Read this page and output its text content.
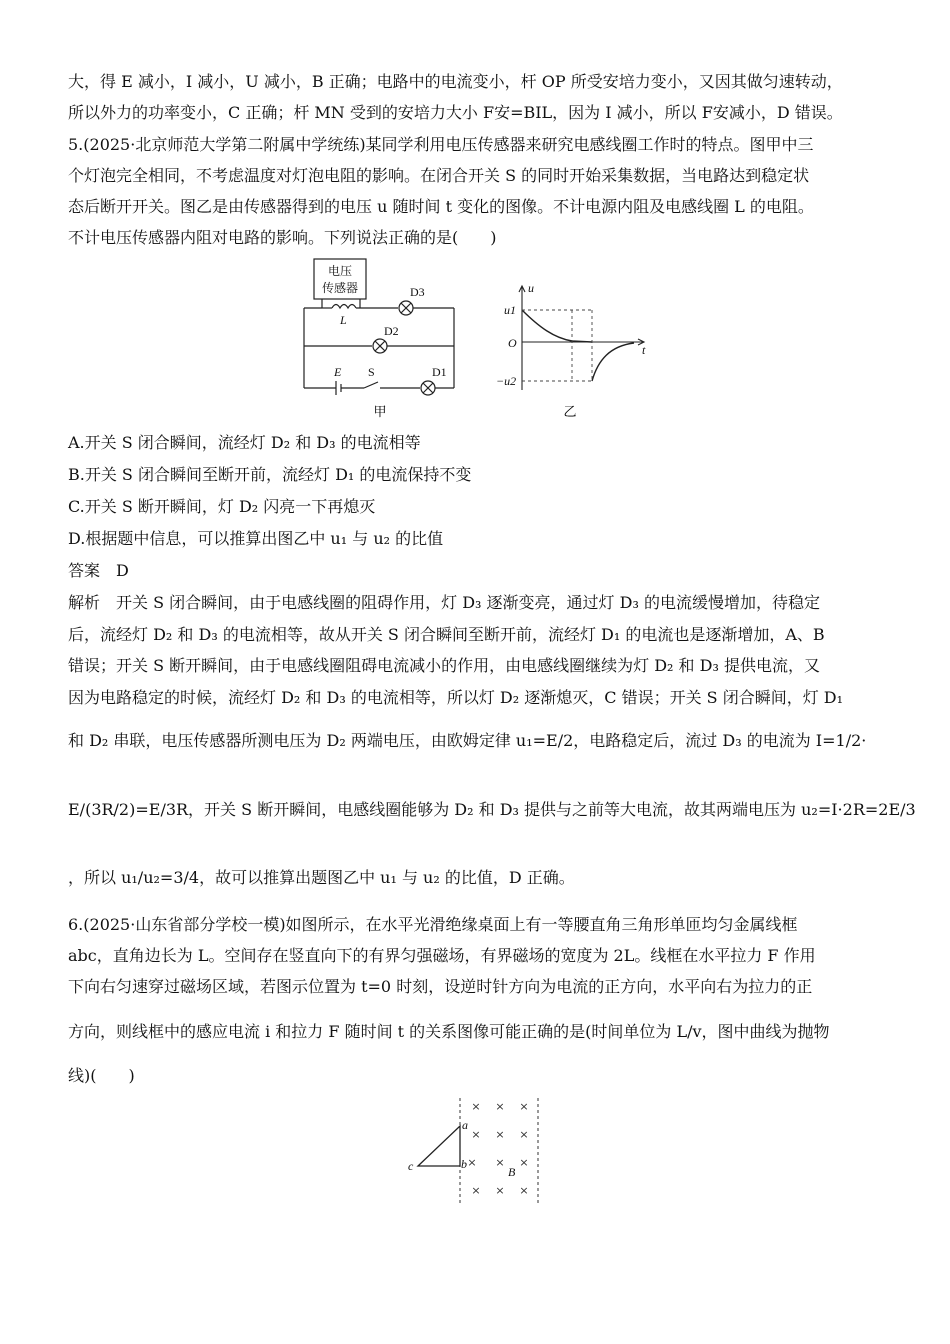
大，得 E 减小，I 减小，U 减小，B 正确；电路中的电流变小，杆 OP 所受安培力变小，又因其做匀速转动，
所以外力的功率变小，C 正确；杆 MN 受到的安培力大小 F安=BIL，因为 I 减小，所以 F安减小，D 错误。
5.(2025·北京师范大学第二附属中学统练)某同学利用电压传感器来研究电感线圈工作时的特点。图甲中三
个灯泡完全相同，不考虑温度对灯泡电阻的影响。在闭合开关 S 的同时开始采集数据，当电路达到稳定状
态后断开开关。图乙是由传感器得到的电压 u 随时间 t 变化的图像。不计电源内阻及电感线圈 L 的电阻。
不计电压传感器内阻对电路的影响。下列说法正确的是(　　)
A.开关 S 闭合瞬间，流经灯 D₂ 和 D₃ 的电流相等
B.开关 S 闭合瞬间至断开前，流经灯 D₁ 的电流保持不变
C.开关 S 断开瞬间，灯 D₂ 闪亮一下再熄灭
D.根据题中信息，可以推算出图乙中 u₁ 与 u₂ 的比值
答案　D
解析　开关 S 闭合瞬间，由于电感线圈的阻碍作用，灯 D₃ 逐渐变亮，通过灯 D₃ 的电流缓慢增加，待稳定
后，流经灯 D₂ 和 D₃ 的电流相等，故从开关 S 闭合瞬间至断开前，流经灯 D₁ 的电流也是逐渐增加，A、B
错误；开关 S 断开瞬间，由于电感线圈阻碍电流减小的作用，由电感线圈继续为灯 D₂ 和 D₃ 提供电流，又
因为电路稳定的时候，流经灯 D₂ 和 D₃ 的电流相等，所以灯 D₂ 逐渐熄灭，C 错误；开关 S 闭合瞬间，灯 D₁
和 D₂ 串联，电压传感器所测电压为 D₂ 两端电压，由欧姆定律 u₁=E/2，电路稳定后，流过 D₃ 的电流为 I=1/2·
E/(3R/2)=E/3R，开关 S 断开瞬间，电感线圈能够为 D₂ 和 D₃ 提供与之前等大电流，故其两端电压为 u₂=I·2R=2E/3
，所以 u₁/u₂=3/4，故可以推算出题图乙中 u₁ 与 u₂ 的比值，D 正确。
6.(2025·山东省部分学校一模)如图所示，在水平光滑绝缘桌面上有一等腰直角三角形单匝均匀金属线框
abc，直角边长为 L。空间存在竖直向下的有界匀强磁场，有界磁场的宽度为 2L。线框在水平拉力 F 作用
下向右匀速穿过磁场区域，若图示位置为 t=0 时刻，设逆时针方向为电流的正方向，水平向右为拉力的正
方向，则线框中的感应电流 i 和拉力 F 随时间 t 的关系图像可能正确的是(时间单位为 L/v，图中曲线为抛物
线)(　　)
电压
传感器
L
D3
D2
D1
E S
甲
u
t
O
u1
−u2
乙
× × ×
× × ×
× ×
× × ×
×
a
b
c	B
